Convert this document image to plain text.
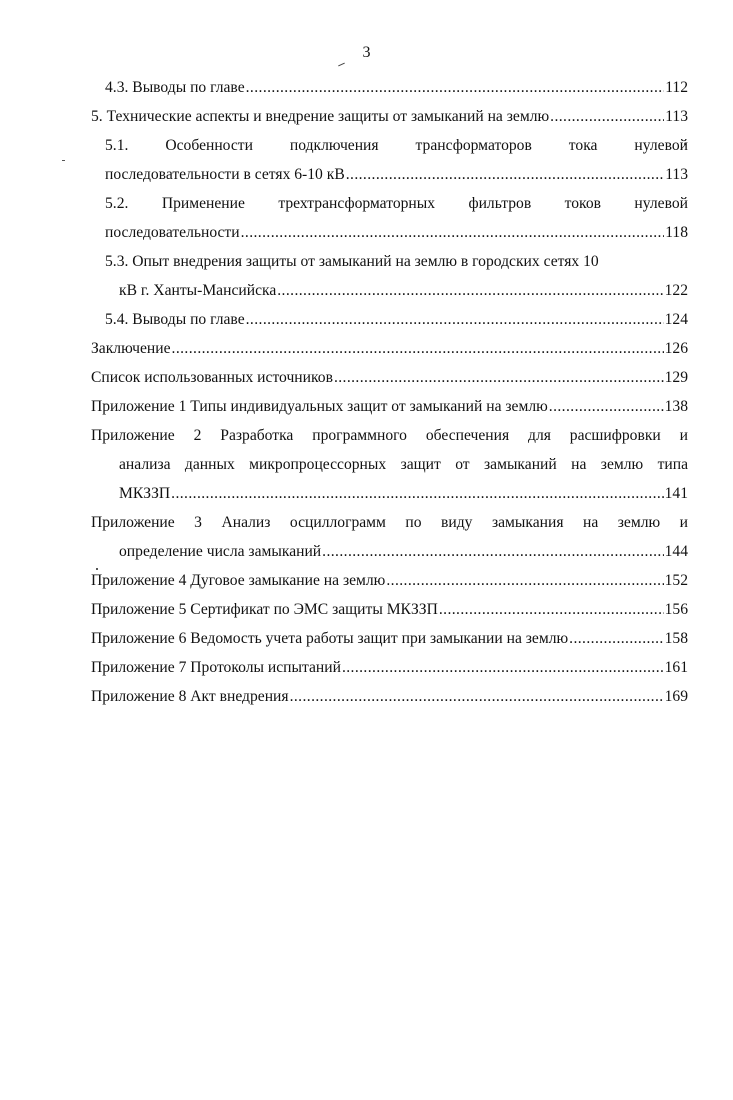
3
4.3. Выводы по главе .....	112
5. Технические аспекты и внедрение защиты от замыканий на землю .....	113
5.1. Особенности подключения трансформаторов тока нулевой
последовательности в сетях 6-10 кВ .....	113
5.2. Применение трехтрансформаторных фильтров токов нулевой
последовательности .....	118
5.3. Опыт внедрения защиты от замыканий на землю в городских сетях 10
кВ г. Ханты-Мансийска .....	122
5.4. Выводы по главе .....	124
Заключение .....	126
Список использованных источников .....	129
Приложение 1 Типы индивидуальных защит от замыканий на землю .....	138
Приложение 2 Разработка программного обеспечения для расшифровки и
анализа данных микропроцессорных защит от замыканий на землю типа
МКЗЗП .....	141
Приложение 3 Анализ осциллограмм по виду замыкания на землю и
определение числа замыканий .....	144
Приложение 4 Дуговое замыкание на землю .....	152
Приложение 5 Сертификат по ЭМС защиты МКЗЗП .....	156
Приложение 6 Ведомость учета работы защит при замыкании на землю .....	158
Приложение 7 Протоколы испытаний .....	161
Приложение 8 Акт внедрения .....	169
